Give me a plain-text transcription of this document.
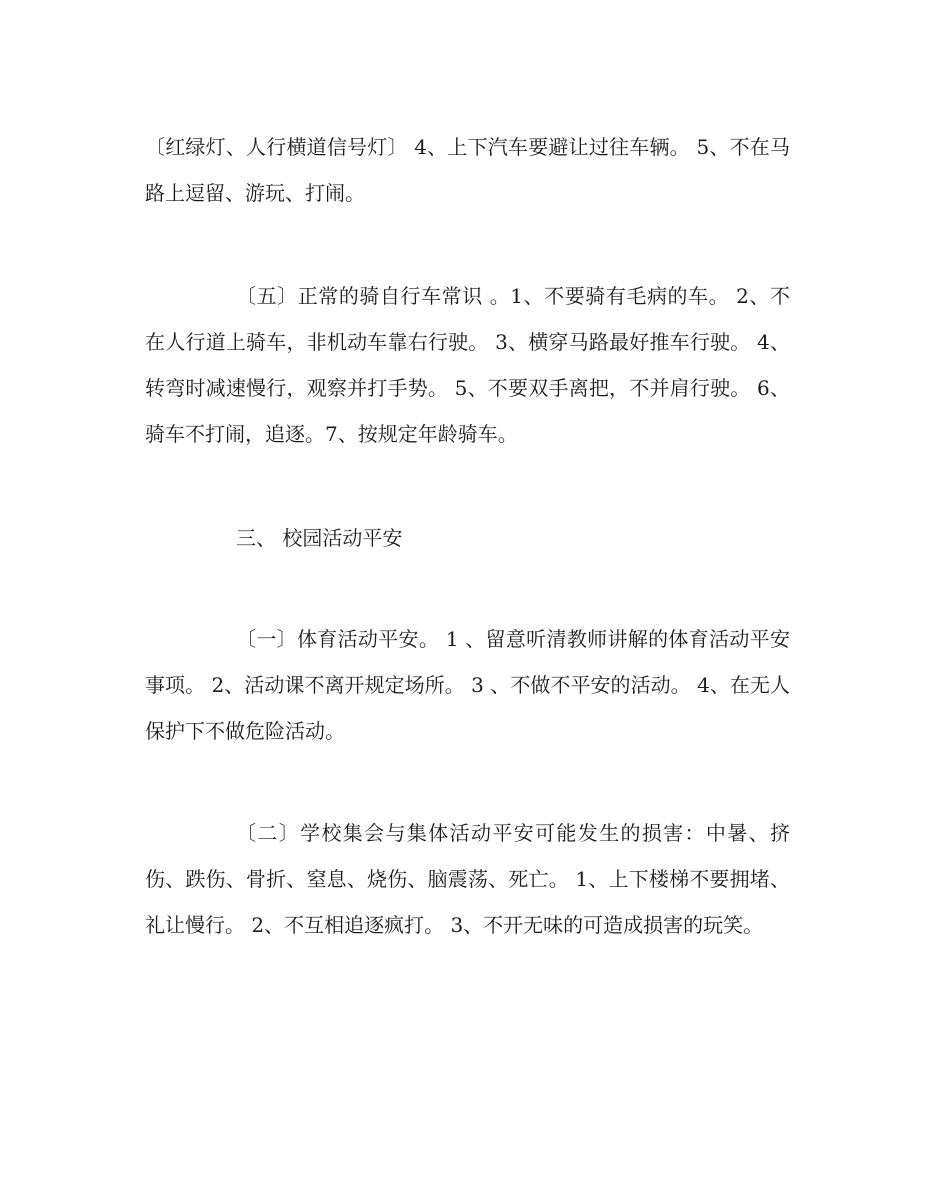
〔红绿灯、人行横道信号灯〕 4、上下汽车要避让过往车辆。 5、不在马路上逗留、游玩、打闹。

〔五〕正常的骑自行车常识 。1、不要骑有毛病的车。 2、不在人行道上骑车，非机动车靠右行驶。 3、横穿马路最好推车行驶。 4、转弯时减速慢行，观察并打手势。 5、不要双手离把，不并肩行驶。 6、骑车不打闹，追逐。7、按规定年龄骑车。

三、 校园活动平安

〔一〕体育活动平安。 1 、留意听清教师讲解的体育活动平安事项。 2、活动课不离开规定场所。 3 、不做不平安的活动。 4、在无人保护下不做危险活动。

〔二〕学校集会与集体活动平安可能发生的损害：中暑、挤伤、跌伤、骨折、窒息、烧伤、脑震荡、死亡。 1、上下楼梯不要拥堵、礼让慢行。 2、不互相追逐疯打。 3、不开无味的可造成损害的玩笑。
